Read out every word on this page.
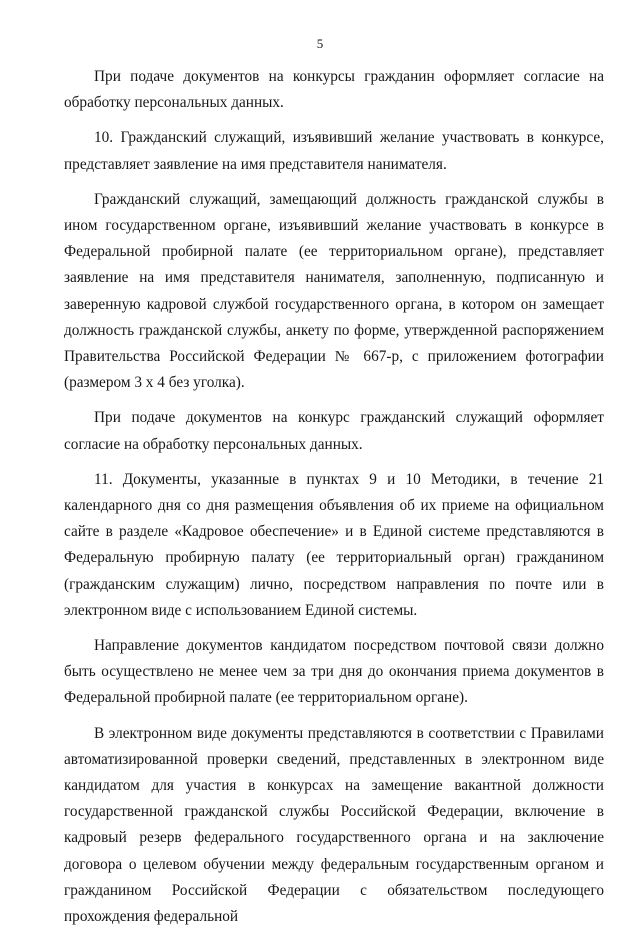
5

При подаче документов на конкурсы гражданин оформляет согласие на обработку персональных данных.

10. Гражданский служащий, изъявивший желание участвовать в конкурсе, представляет заявление на имя представителя нанимателя.

Гражданский служащий, замещающий должность гражданской службы в ином государственном органе, изъявивший желание участвовать в конкурсе в Федеральной пробирной палате (ее территориальном органе), представляет заявление на имя представителя нанимателя, заполненную, подписанную и заверенную кадровой службой государственного органа, в котором он замещает должность гражданской службы, анкету по форме, утвержденной распоряжением Правительства Российской Федерации № 667-р, с приложением фотографии (размером 3 х 4 без уголка).

При подаче документов на конкурс гражданский служащий оформляет согласие на обработку персональных данных.

11. Документы, указанные в пунктах 9 и 10 Методики, в течение 21 календарного дня со дня размещения объявления об их приеме на официальном сайте в разделе «Кадровое обеспечение» и в Единой системе представляются в Федеральную пробирную палату (ее территориальный орган) гражданином (гражданским служащим) лично, посредством направления по почте или в электронном виде с использованием Единой системы.

Направление документов кандидатом посредством почтовой связи должно быть осуществлено не менее чем за три дня до окончания приема документов в Федеральной пробирной палате (ее территориальном органе).

В электронном виде документы представляются в соответствии с Правилами автоматизированной проверки сведений, представленных в электронном виде кандидатом для участия в конкурсах на замещение вакантной должности государственной гражданской службы Российской Федерации, включение в кадровый резерв федерального государственного органа и на заключение договора о целевом обучении между федеральным государственным органом и гражданином Российской Федерации с обязательством последующего прохождения федеральной
